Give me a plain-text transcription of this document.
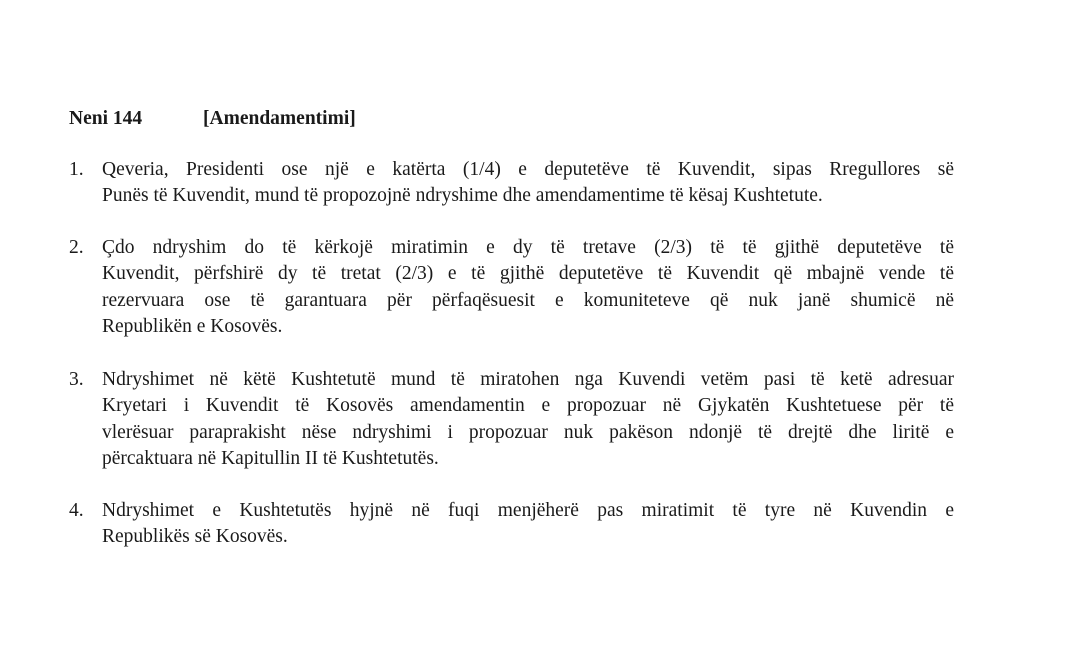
Neni 144	[Amendamentimi]
1. Qeveria, Presidenti ose një e katërta (1/4) e deputetëve të Kuvendit, sipas Rregullores së
Punës të Kuvendit, mund të propozojnë ndryshime dhe amendamentime të kësaj Kushtetute.
2. Çdo ndryshim do të kërkojë miratimin e dy të tretave (2/3) të të gjithë deputetëve të
Kuvendit, përfshirë dy të tretat (2/3) e të gjithë deputetëve të Kuvendit që mbajnë vende të
rezervuara ose të garantuara për përfaqësuesit e komuniteteve që nuk janë shumicë në
Republikën e Kosovës.
3. Ndryshimet në këtë Kushtetutë mund të miratohen nga Kuvendi vetëm pasi të ketë adresuar
Kryetari i Kuvendit të Kosovës amendamentin e propozuar në Gjykatën Kushtetuese për të
vlerësuar paraprakisht nëse ndryshimi i propozuar nuk pakëson ndonjë të drejtë dhe liritë e
përcaktuara në Kapitullin II të Kushtetutës.
4. Ndryshimet e Kushtetutës hyjnë në fuqi menjëherë pas miratimit të tyre në Kuvendin e
Republikës së Kosovës.
